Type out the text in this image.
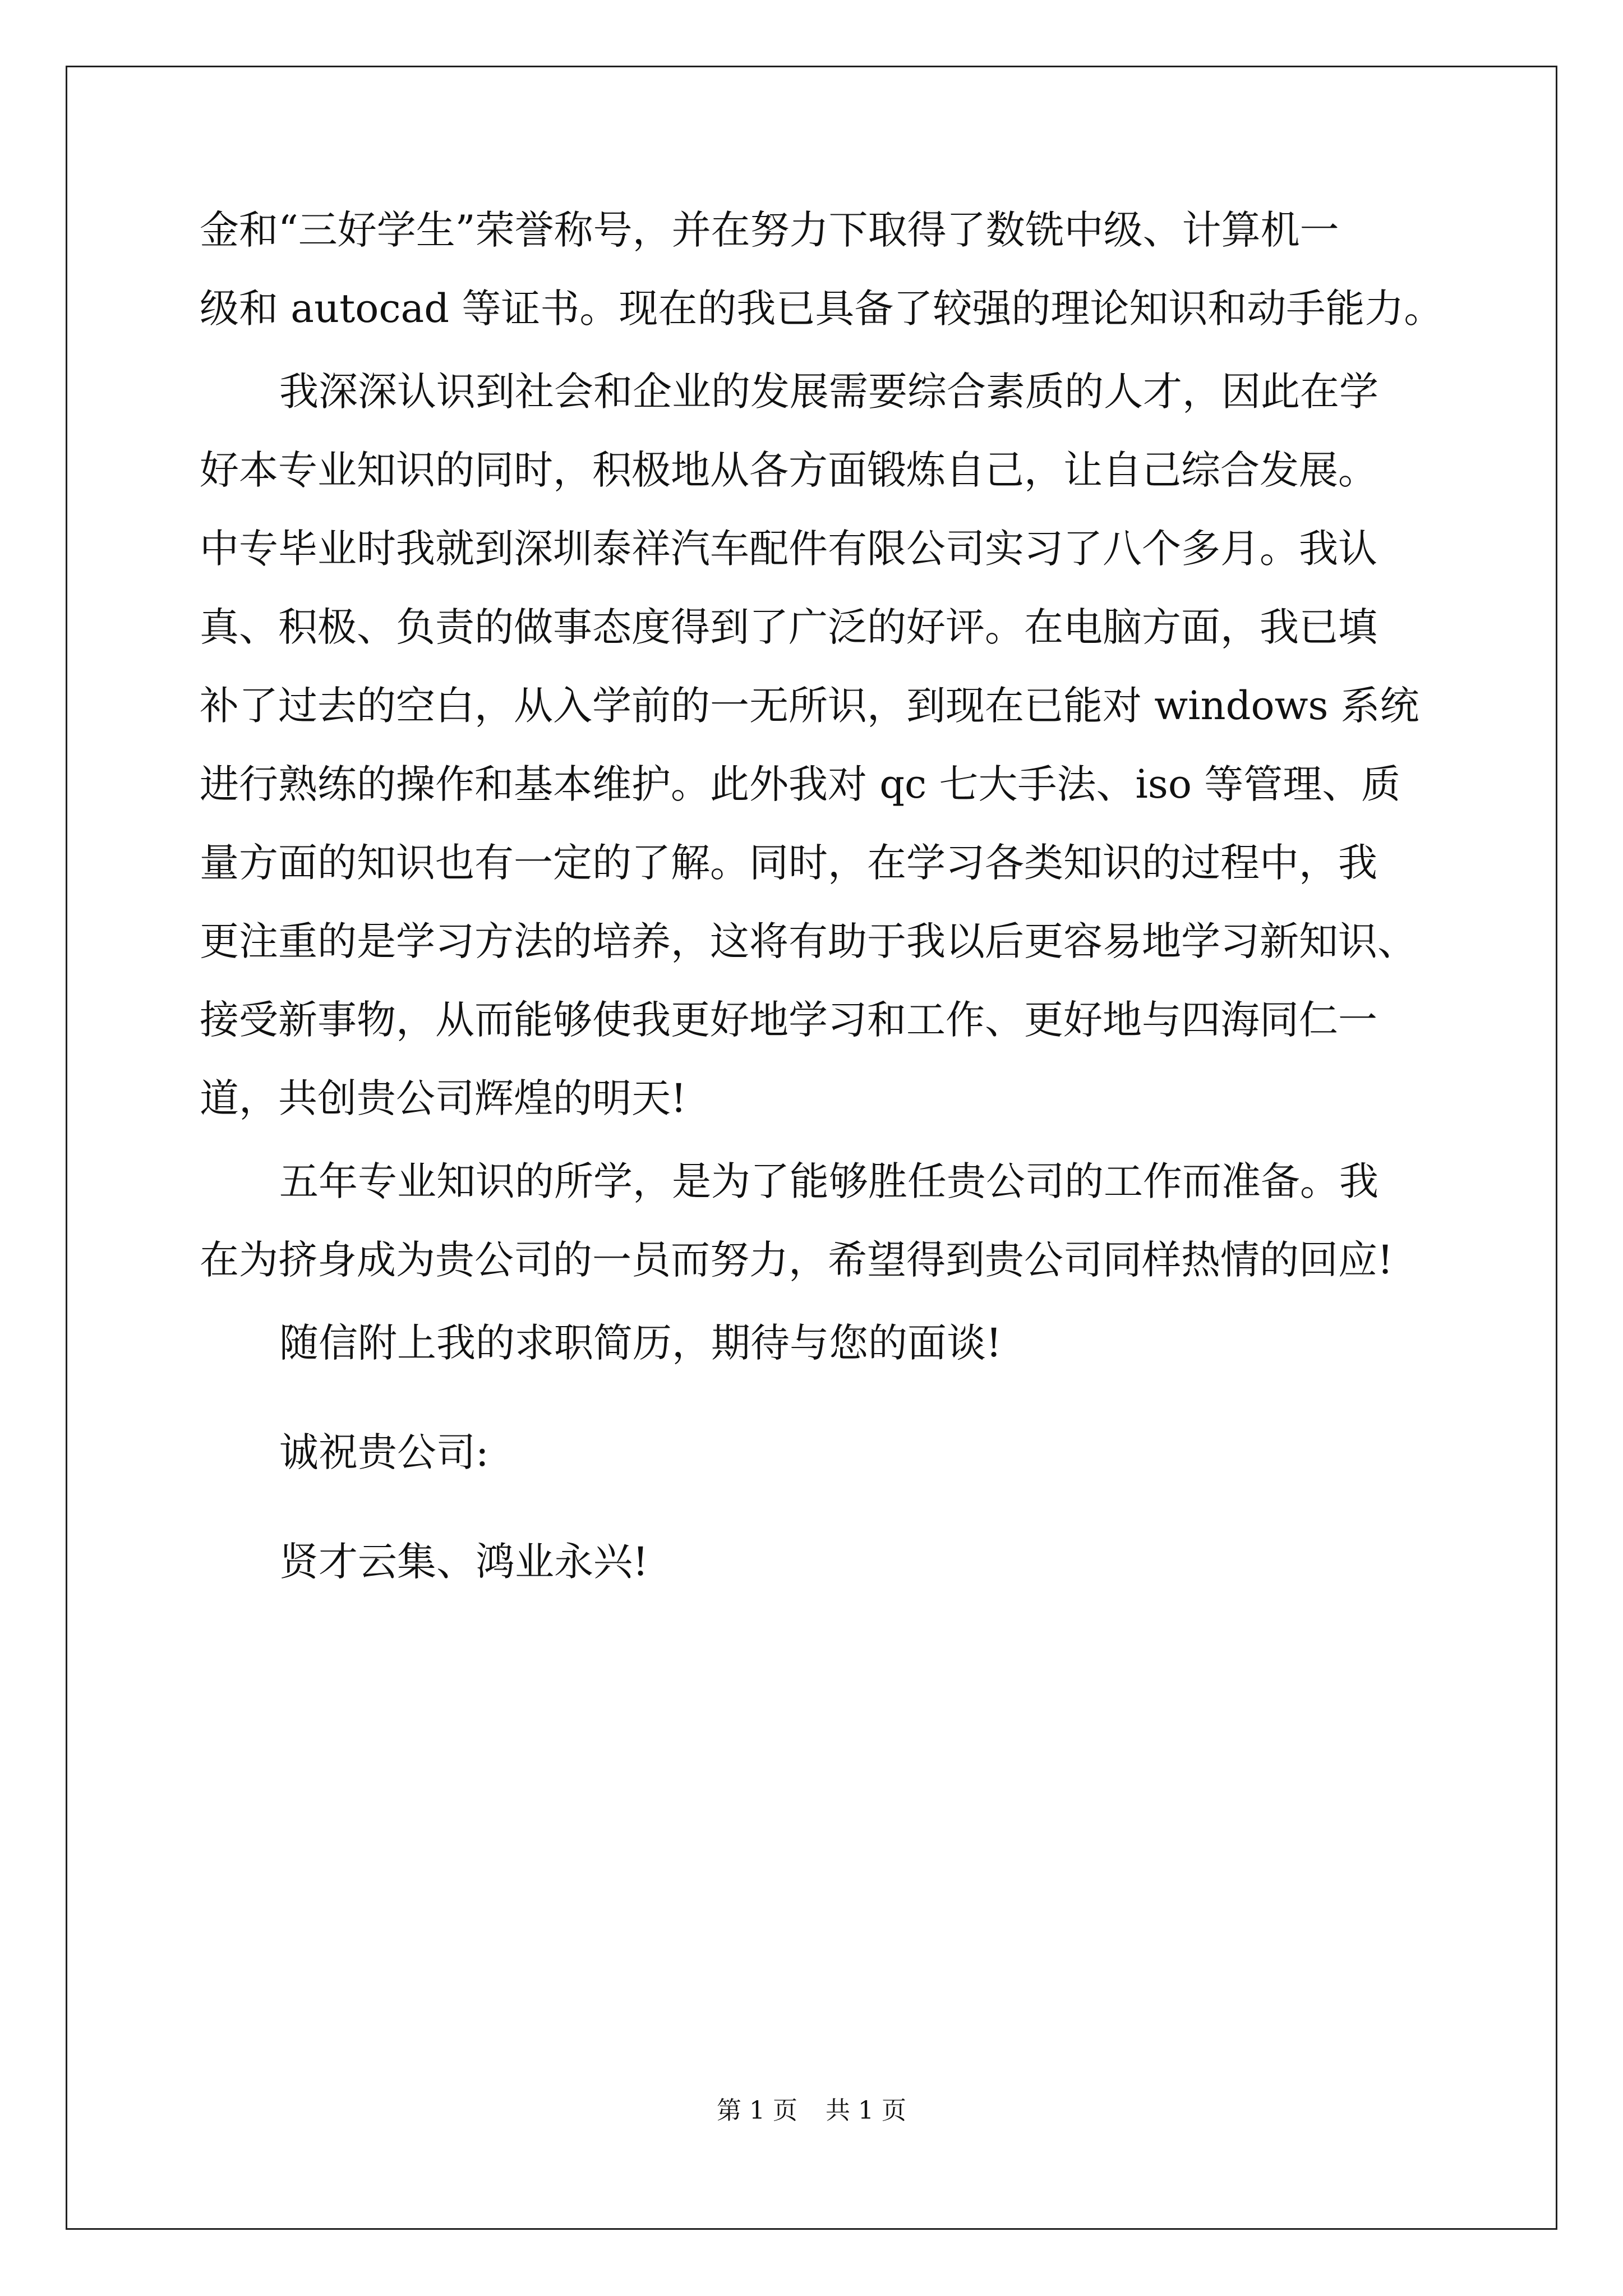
金和“三好学生”荣誉称号，并在努力下取得了数铣中级、计算机一
级和 autocad 等证书。现在的我已具备了较强的理论知识和动手能力。
我深深认识到社会和企业的发展需要综合素质的人才，因此在学
好本专业知识的同时，积极地从各方面锻炼自己，让自己综合发展。
中专毕业时我就到深圳泰祥汽车配件有限公司实习了八个多月。我认
真、积极、负责的做事态度得到了广泛的好评。在电脑方面，我已填
补了过去的空白，从入学前的一无所识，到现在已能对 windows 系统
进行熟练的操作和基本维护。此外我对 qc 七大手法、iso 等管理、质
量方面的知识也有一定的了解。同时，在学习各类知识的过程中，我
更注重的是学习方法的培养，这将有助于我以后更容易地学习新知识、
接受新事物，从而能够使我更好地学习和工作、更好地与四海同仁一
道，共创贵公司辉煌的明天!
五年专业知识的所学，是为了能够胜任贵公司的工作而准备。我
在为挤身成为贵公司的一员而努力，希望得到贵公司同样热情的回应!
随信附上我的求职简历，期待与您的面谈!
诚祝贵公司:
贤才云集、鸿业永兴!
第 1 页 共 1 页
